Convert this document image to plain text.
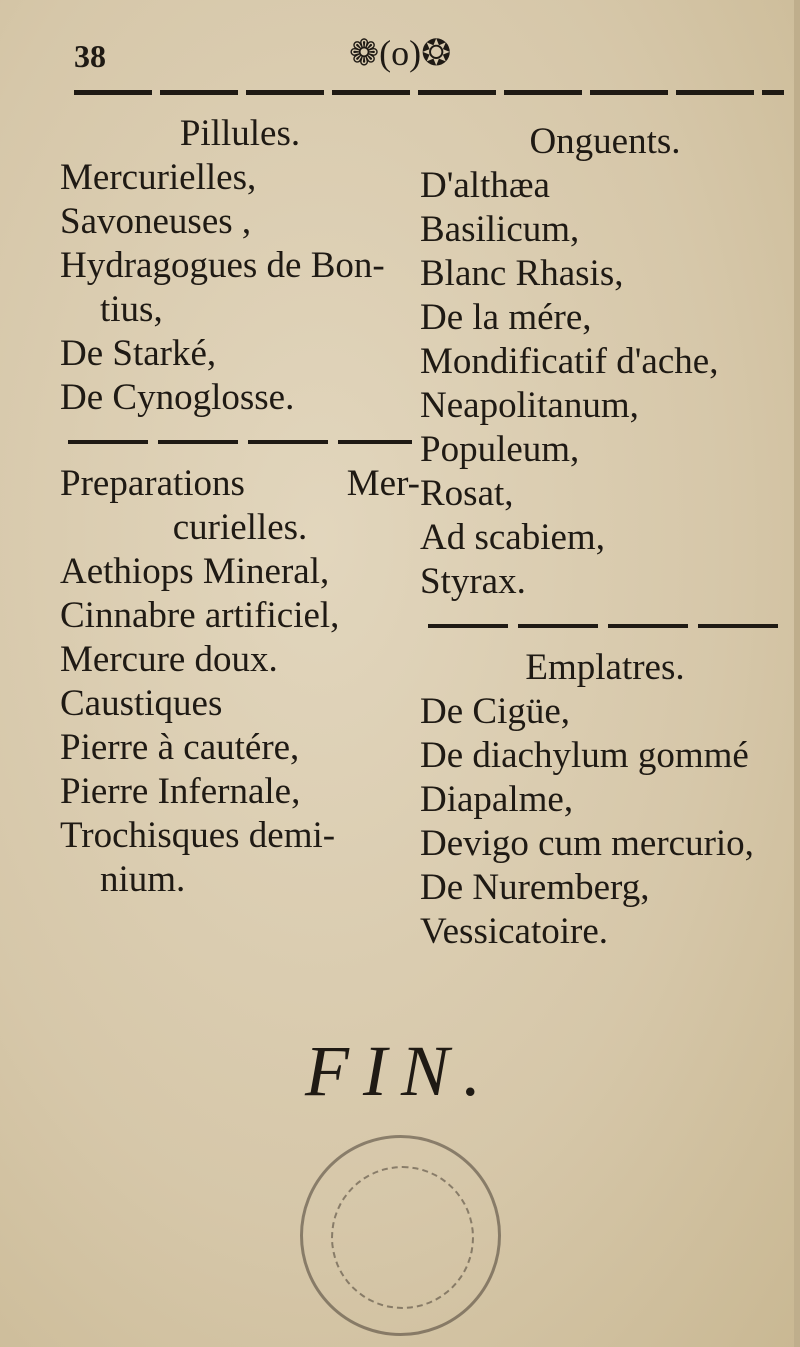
38	❁(o)❂
Pillules.
Mercurielles,
Savoneuses ,
Hydragogues de Bon-
tius,
De Starké,
De Cynoglosse.
Preparations	Mer-
curielles.
Aethiops Mineral,
Cinnabre artificiel,
Mercure doux.
Caustiques
Pierre à cautére,
Pierre Infernale,
Trochisques demi-
nium.
Onguents.
D'althæa
Basilicum,
Blanc Rhasis,
De la mére,
Mondificatif d'ache,
Neapolitanum,
Populeum,
Rosat,
Ad scabiem,
Styrax.
Emplatres.
De Cigüe,
De diachylum gommé
Diapalme,
Devigo cum mercurio,
De Nuremberg,
Vessicatoire.
FIN.
